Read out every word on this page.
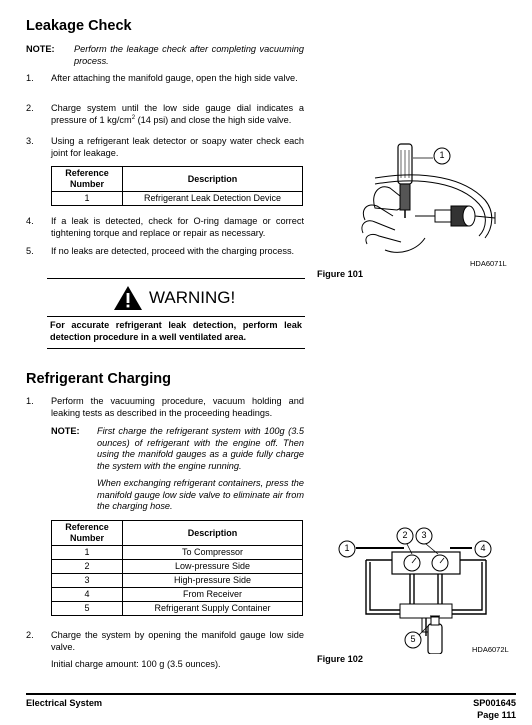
Leakage Check
NOTE: Perform the leakage check after completing vacuuming process.
1. After attaching the manifold gauge, open the high side valve.
2. Charge system until the low side gauge dial indicates a pressure of 1 $kg/cm^2$ (14 psi) and close the high side valve.
3. Using a refrigerant leak detector or soapy water check each joint for leakage.
Reference Number	Description
1	Refrigerant Leak Detection Device
4. If a leak is detected, check for O-ring damage or correct tightening torque and replace or repair as necessary.
5. If no leaks are detected, proceed with the charging process.
WARNING!
For accurate refrigerant leak detection, perform leak detection procedure in a well ventilated area.
1
HDA6071L
Figure 101
Refrigerant Charging
1. Perform the vacuuming procedure, vacuum holding and leaking tests as described in the proceeding headings.
NOTE: First charge the refrigerant system with 100g (3.5 ounces) of refrigerant with the engine off. Then using the manifold gauges as a guide fully charge the system with the engine running.
When exchanging refrigerant containers, press the manifold gauge low side valve to eliminate air from the charging hose.
Reference Number	Description
1	To Compressor
2	Low-pressure Side
3	High-pressure Side
4	From Receiver
5	Refrigerant Supply Container
2. Charge the system by opening the manifold gauge low side valve.
Initial charge amount: 100 g (3.5 ounces).
1
2	3
4
5
HDA6072L
Figure 102
Electrical System	SP001645
Page 111
